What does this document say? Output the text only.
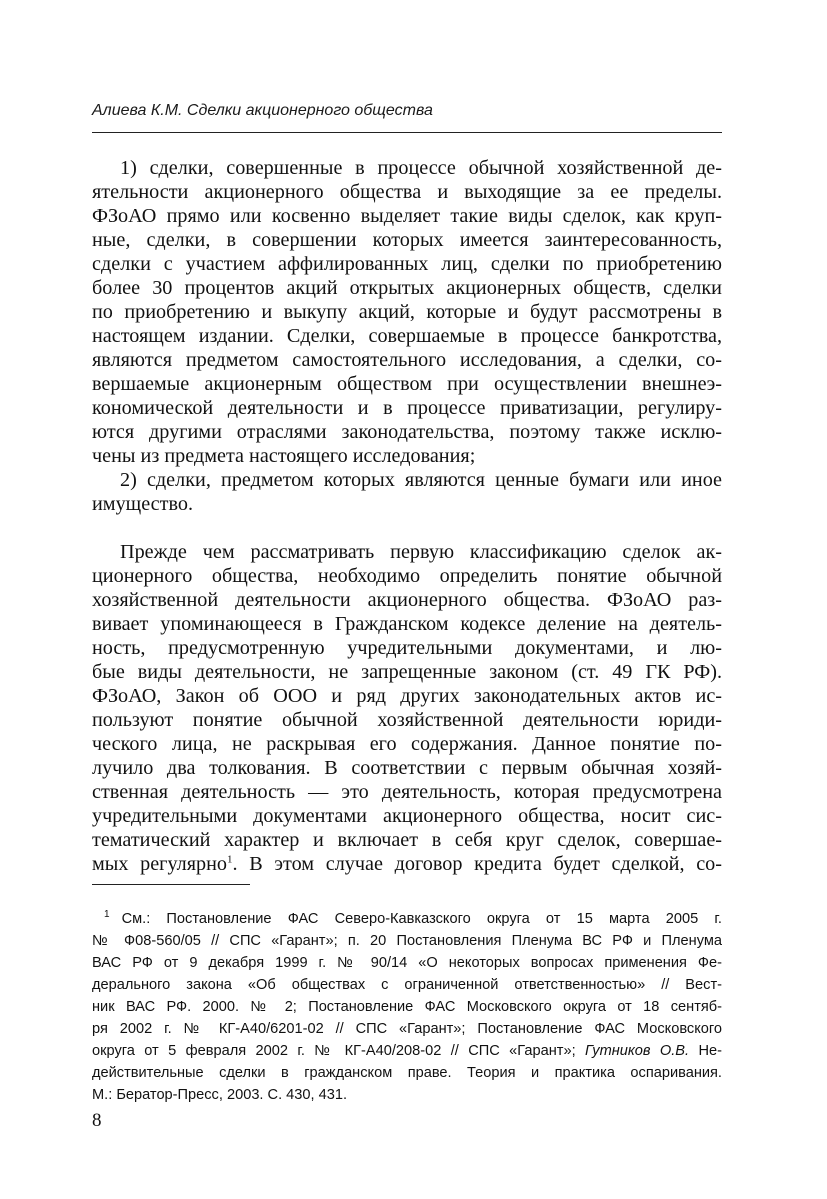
Алиева К.М. Сделки акционерного общества
1) сделки, совершенные в процессе обычной хозяйственной де-
ятельности акционерного общества и выходящие за ее пределы.
ФЗоАО прямо или косвенно выделяет такие виды сделок, как круп-
ные, сделки, в совершении которых имеется заинтересованность,
сделки с участием аффилированных лиц, сделки по приобретению
более 30 процентов акций открытых акционерных обществ, сделки
по приобретению и выкупу акций, которые и будут рассмотрены в
настоящем издании. Сделки, совершаемые в процессе банкротства,
являются предметом самостоятельного исследования, а сделки, со-
вершаемые акционерным обществом при осуществлении внешнеэ-
кономической деятельности и в процессе приватизации, регулиру-
ются другими отраслями законодательства, поэтому также исклю-
чены из предмета настоящего исследования;
2) сделки, предметом которых являются ценные бумаги или иное
имущество.
Прежде чем рассматривать первую классификацию сделок ак-
ционерного общества, необходимо определить понятие обычной
хозяйственной деятельности акционерного общества. ФЗоАО раз-
вивает упоминающееся в Гражданском кодексе деление на деятель-
ность, предусмотренную учредительными документами, и лю-
бые виды деятельности, не запрещенные законом (ст. 49 ГК РФ).
ФЗоАО, Закон об ООО и ряд других законодательных актов ис-
пользуют понятие обычной хозяйственной деятельности юриди-
ческого лица, не раскрывая его содержания. Данное понятие по-
лучило два толкования. В соответствии с первым обычная хозяй-
ственная деятельность — это деятельность, которая предусмотрена
учредительными документами акционерного общества, носит сис-
тематический характер и включает в себя круг сделок, совершае-
мых регулярно$^1$. В этом случае договор кредита будет сделкой, со-
$^1$ См.: Постановление ФАС Северо-Кавказского округа от 15 марта 2005 г.
№ Ф08-560/05 // СПС «Гарант»; п. 20 Постановления Пленума ВС РФ и Пленума
ВАС РФ от 9 декабря 1999 г. № 90/14 «О некоторых вопросах применения Фе-
дерального закона «Об обществах с ограниченной ответственностью» // Вест-
ник ВАС РФ. 2000. № 2; Постановление ФАС Московского округа от 18 сентяб-
ря 2002 г. № КГ-А40/6201-02 // СПС «Гарант»; Постановление ФАС Московского
округа от 5 февраля 2002 г. № КГ-А40/208-02 // СПС «Гарант»; Гутников О.В. Не-
действительные сделки в гражданском праве. Теория и практика оспаривания.
М.: Бератор-Пресс, 2003. С. 430, 431.
8
